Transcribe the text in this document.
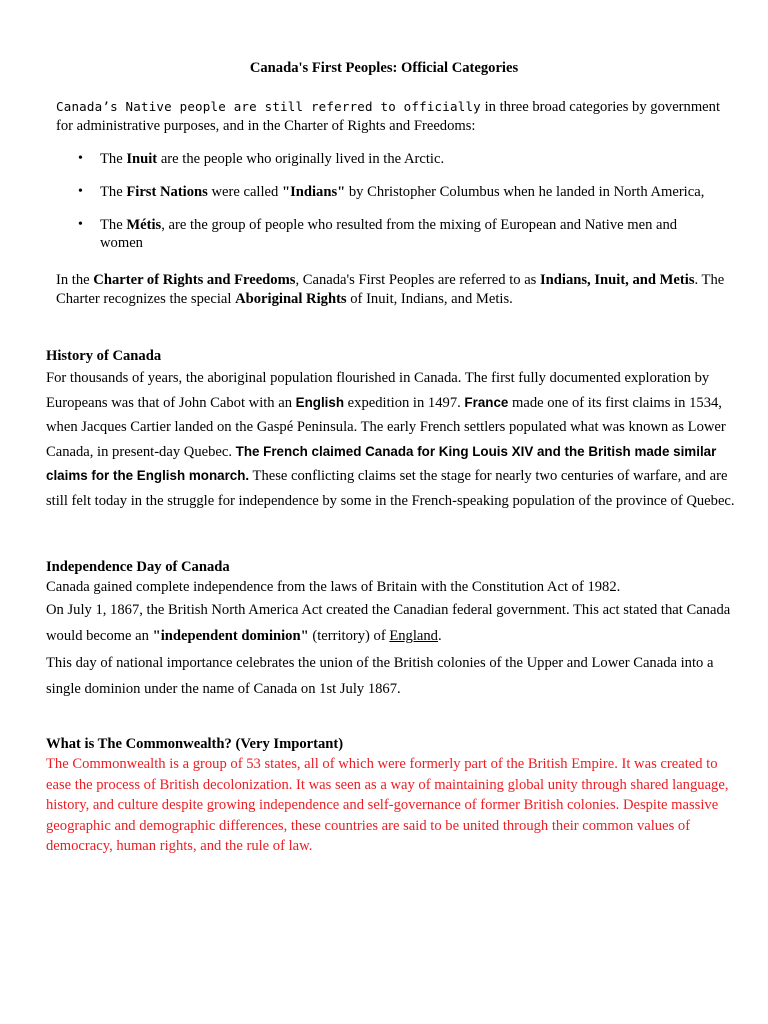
Canada's First Peoples: Official Categories
Canada’s Native people are still referred to officially in three broad categories by government for administrative purposes, and in the Charter of Rights and Freedoms:
• The Inuit are the people who originally lived in the Arctic.
• The First Nations were called "Indians" by Christopher Columbus when he landed in North America,
• The Métis, are the group of people who resulted from the mixing of European and Native men and women
In the Charter of Rights and Freedoms, Canada's First Peoples are referred to as Indians, Inuit, and Metis. The Charter recognizes the special Aboriginal Rights of Inuit, Indians, and Metis.
History of Canada
For thousands of years, the aboriginal population flourished in Canada. The first fully documented exploration by Europeans was that of John Cabot with an English expedition in 1497. France made one of its first claims in 1534, when Jacques Cartier landed on the Gaspé Peninsula. The early French settlers populated what was known as Lower Canada, in present-day Quebec. The French claimed Canada for King Louis XIV and the British made similar claims for the English monarch. These conflicting claims set the stage for nearly two centuries of warfare, and are still felt today in the struggle for independence by some in the French-speaking population of the province of Quebec.
Independence Day of Canada
Canada gained complete independence from the laws of Britain with the Constitution Act of 1982.
On July 1, 1867, the British North America Act created the Canadian federal government. This act stated that Canada would become an "independent dominion" (territory) of England.
This day of national importance celebrates the union of the British colonies of the Upper and Lower Canada into a single dominion under the name of Canada on 1st July 1867.
What is The Commonwealth? (Very Important)
The Commonwealth is a group of 53 states, all of which were formerly part of the British Empire. It was created to ease the process of British decolonization. It was seen as a way of maintaining global unity through shared language, history, and culture despite growing independence and self-governance of former British colonies. Despite massive geographic and demographic differences, these countries are said to be united through their common values of democracy, human rights, and the rule of law.
